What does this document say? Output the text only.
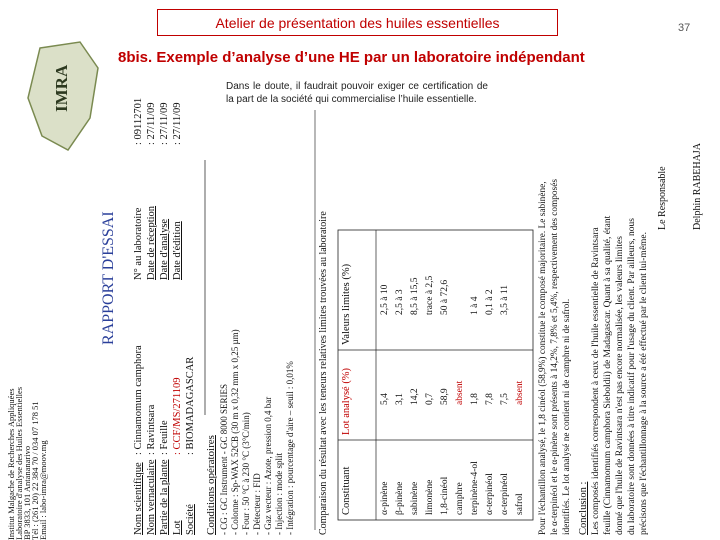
Atelier de présentation des huiles essentielles	37
8bis. Exemple d’analyse d’une HE par un laboratoire indépendant
Dans le doute, il faudrait pouvoir exiger ce certification de la part de la société qui commercialise l’huile essentielle.
IMRA
Institut Malgache de Recherches Appliquées
Laboratoire d'analyse des Huiles Essentielles
BP 3833, 101 Antananarivo
Tél : (261 20) 22 384 70 / 034 07 178 51
Email : labo-imra@moov.mg
RAPPORT D'ESSAI
Nom scientifique Nom vernaculaire Partie de la plante Lot Société
: Cinnamomum camphora : Ravintsara : Feuille : CCF/MS/271109 : BIOMADAGASCAR
N° au laboratoire Date de réception Date d'analyse Date d'édition
: 09112701 : 27/11/09 : 27/11/09 : 27/11/09
Conditions opératoires - CG : GC Instrument - GC 8000 SERIES - Colonne : Sp-WAX 52CB (30 m x 0,32 mm x 0,25 µm) - Four : 50 °C à 230 °C (3°C/min) - Détecteur : FID - Gaz vecteur : Azote, pression 0,4 bar - Injection : mode split - Intégration : pourcentage d'aire – seuil : 0,01% Comparaison du résultat avec les teneurs relatives limites trouvées au laboratoire Constituant
Lot analysé (%)
Valeurs limites (%)
α-pinène
5,4
2,5 à 10
β-pinène
3,1
2,5 à 3
sabinène
14,2
8,5 à 15,5
limonène
0,7
trace à 2,5
1,8-cinéol
58,9
50 à 72,6
camphre
absent
terpinène-4-ol
1,8
1 à 4
α-terpinéol
7,8
0,1 à 2
α-terpinéol
7,5
3,5 à 11
safrol
absent Pour l'échantillon analysé, le 1,8 cinéol (58,9%) constitue le composé majoritaire. Le sabinène, le α-terpinéol et le α-pinène sont présents à 14,2%, 7,8% et 5,4%, respectivement des composés identifiés. Le lot analysé ne contient ni de camphre ni de safrol. Conclusion : Les composés identifiés correspondent à ceux de l'huile essentielle de Ravintsara feuille (Cinnamomum camphora Sieboldii) de Madagascar. Quant à sa qualité, étant donné que l'huile de Ravintsara n'est pas encore normalisée, les valeurs limites du laboratoire sont données à titre indicatif pour l'usage du client. Par ailleurs, nous précisons que l'échantillonnage à la source a été effectué par le client lui-même.
Le Responsable Delphin RABEHAJA
